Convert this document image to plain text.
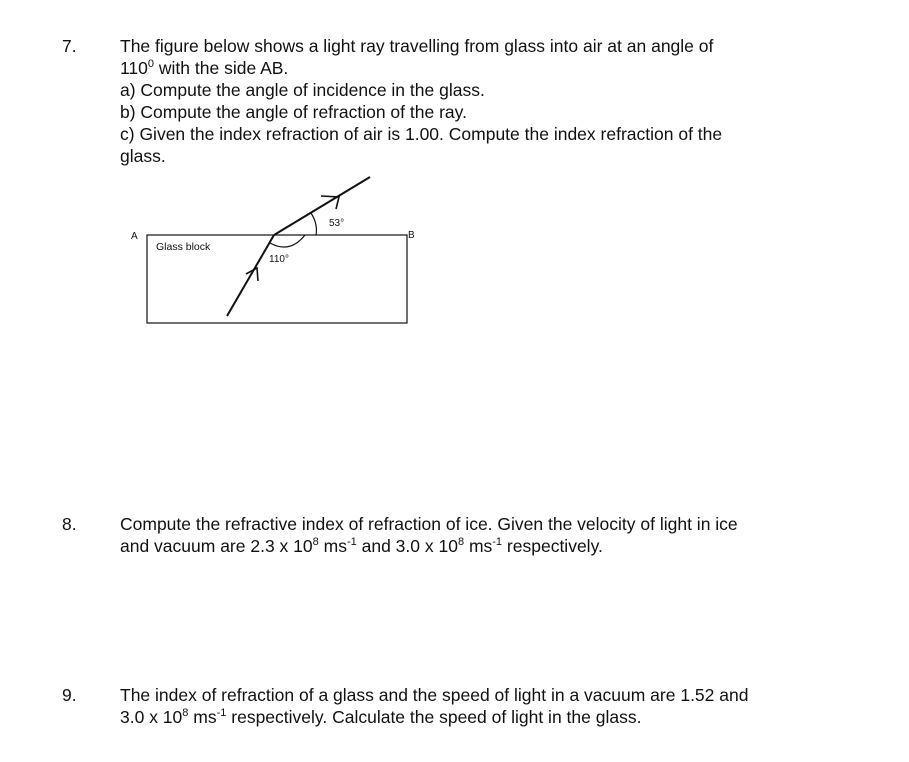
7. The figure below shows a light ray travelling from glass into air at an angle of
$110^0$ with the side AB.
a) Compute the angle of incidence in the glass.
b) Compute the angle of refraction of the ray.
c) Given the index refraction of air is 1.00. Compute the index refraction of the
glass.
A	B
Glass block
110°
53°
8. Compute the refractive index of refraction of ice. Given the velocity of light in ice
and vacuum are 2.3 x $10^8$ $ms^{-1}$ and 3.0 x $10^8$ $ms^{-1}$ respectively.
9. The index of refraction of a glass and the speed of light in a vacuum are 1.52 and
3.0 x $10^8$ $ms^{-1}$ respectively. Calculate the speed of light in the glass.
